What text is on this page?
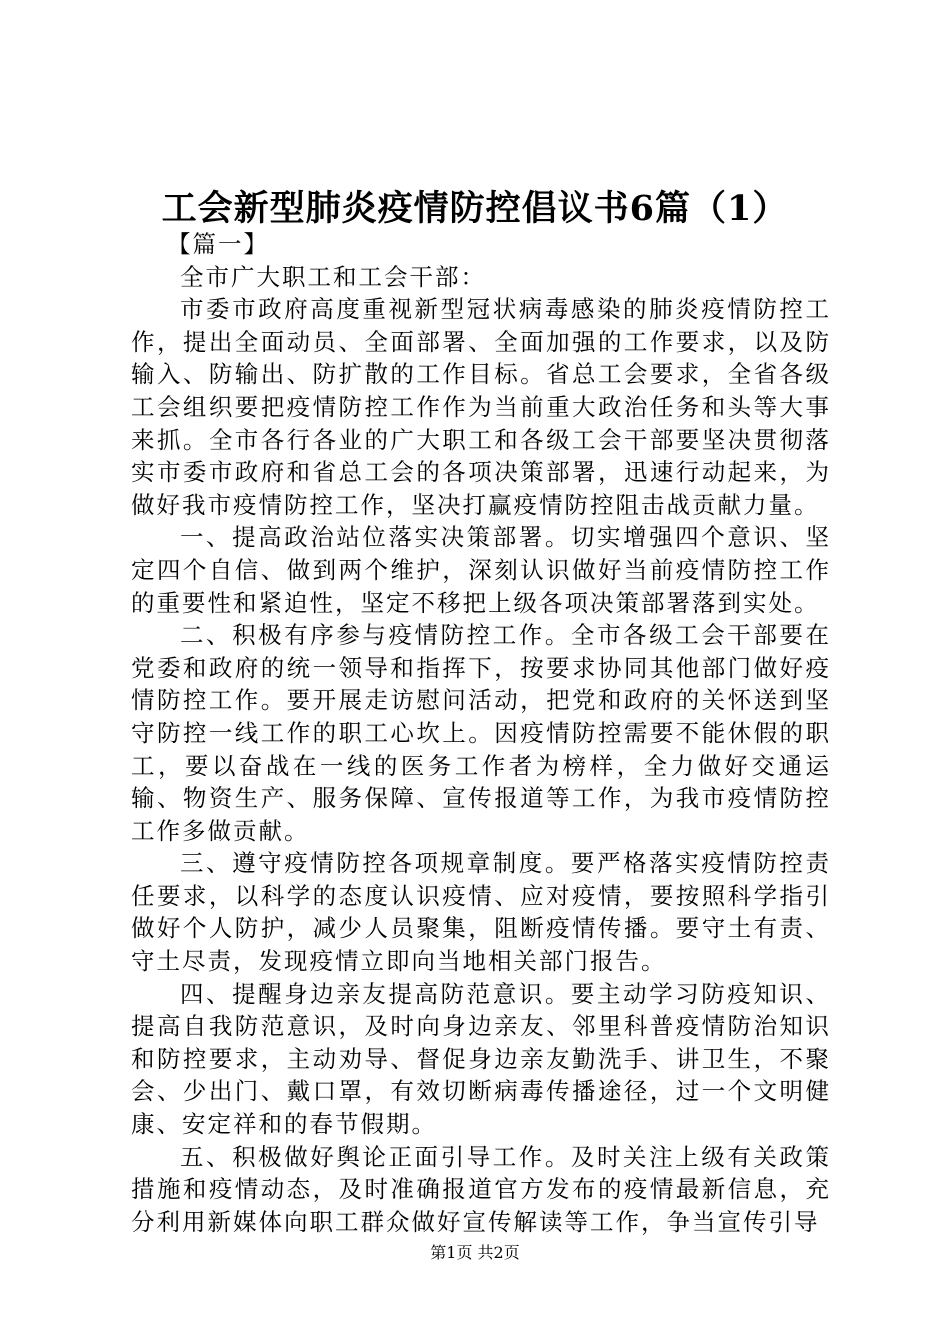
工会新型肺炎疫情防控倡议书6篇（1）

【篇一】

全市广大职工和工会干部：

市委市政府高度重视新型冠状病毒感染的肺炎疫情防控工作，提出全面动员、全面部署、全面加强的工作要求，以及防输入、防输出、防扩散的工作目标。省总工会要求，全省各级工会组织要把疫情防控工作作为当前重大政治任务和头等大事来抓。全市各行各业的广大职工和各级工会干部要坚决贯彻落实市委市政府和省总工会的各项决策部署，迅速行动起来，为做好我市疫情防控工作，坚决打赢疫情防控阻击战贡献力量。

一、提高政治站位落实决策部署。切实增强四个意识、坚定四个自信、做到两个维护，深刻认识做好当前疫情防控工作的重要性和紧迫性，坚定不移把上级各项决策部署落到实处。

二、积极有序参与疫情防控工作。全市各级工会干部要在党委和政府的统一领导和指挥下，按要求协同其他部门做好疫情防控工作。要开展走访慰问活动，把党和政府的关怀送到坚守防控一线工作的职工心坎上。因疫情防控需要不能休假的职工，要以奋战在一线的医务工作者为榜样，全力做好交通运输、物资生产、服务保障、宣传报道等工作，为我市疫情防控工作多做贡献。

三、遵守疫情防控各项规章制度。要严格落实疫情防控责任要求，以科学的态度认识疫情、应对疫情，要按照科学指引做好个人防护，减少人员聚集，阻断疫情传播。要守土有责、守土尽责，发现疫情立即向当地相关部门报告。

四、提醒身边亲友提高防范意识。要主动学习防疫知识、提高自我防范意识，及时向身边亲友、邻里科普疫情防治知识和防控要求，主动劝导、督促身边亲友勤洗手、讲卫生，不聚会、少出门、戴口罩，有效切断病毒传播途径，过一个文明健康、安定祥和的春节假期。

五、积极做好舆论正面引导工作。及时关注上级有关政策措施和疫情动态，及时准确报道官方发布的疫情最新信息，充分利用新媒体向职工群众做好宣传解读等工作，争当宣传引导

第1页 共2页
